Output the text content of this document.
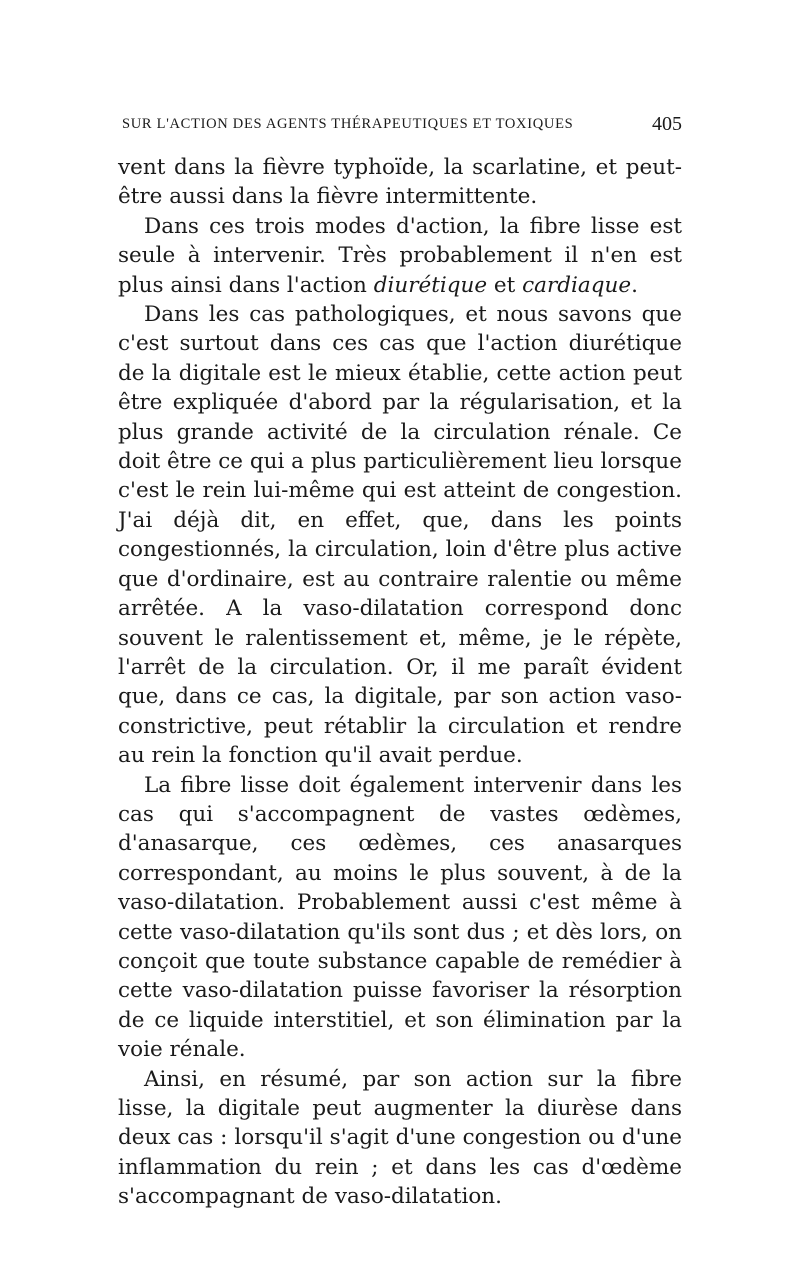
SUR L'ACTION DES AGENTS THÉRAPEUTIQUES ET TOXIQUES	405

vent dans la fièvre typhoïde, la scarlatine, et peut-être aussi dans la fièvre intermittente.

Dans ces trois modes d'action, la fibre lisse est seule à intervenir. Très probablement il n'en est plus ainsi dans l'action diurétique et cardiaque.

Dans les cas pathologiques, et nous savons que c'est surtout dans ces cas que l'action diurétique de la digitale est le mieux établie, cette action peut être expliquée d'abord par la régularisation, et la plus grande activité de la circulation rénale. Ce doit être ce qui a plus particulièrement lieu lorsque c'est le rein lui-même qui est atteint de congestion. J'ai déjà dit, en effet, que, dans les points congestionnés, la circulation, loin d'être plus active que d'ordinaire, est au contraire ralentie ou même arrêtée. A la vaso-dilatation correspond donc souvent le ralentissement et, même, je le répète, l'arrêt de la circulation. Or, il me paraît évident que, dans ce cas, la digitale, par son action vaso-constrictive, peut rétablir la circulation et rendre au rein la fonction qu'il avait perdue.

La fibre lisse doit également intervenir dans les cas qui s'accompagnent de vastes œdèmes, d'anasarque, ces œdèmes, ces anasarques correspondant, au moins le plus souvent, à de la vaso-dilatation. Probablement aussi c'est même à cette vaso-dilatation qu'ils sont dus ; et dès lors, on conçoit que toute substance capable de remédier à cette vaso-dilatation puisse favoriser la résorption de ce liquide interstitiel, et son élimination par la voie rénale.

Ainsi, en résumé, par son action sur la fibre lisse, la digitale peut augmenter la diurèse dans deux cas : lorsqu'il s'agit d'une congestion ou d'une inflammation du rein ; et dans les cas d'œdème s'accompagnant de vaso-dilatation.
